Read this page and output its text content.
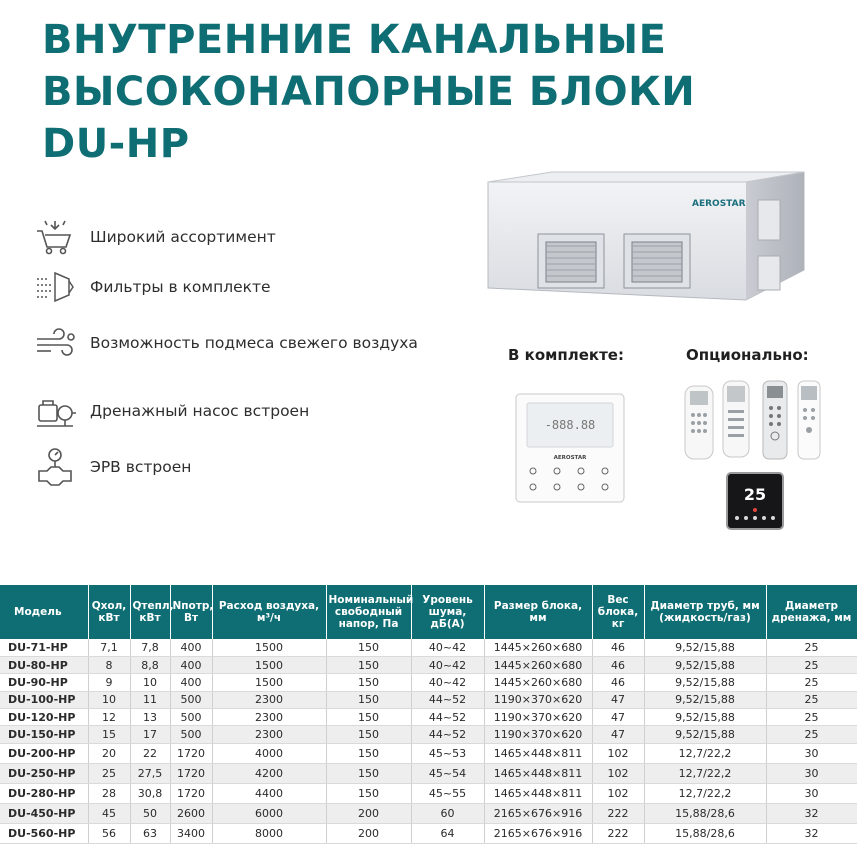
ВНУТРЕННИЕ КАНАЛЬНЫЕ
ВЫСОКОНАПОРНЫЕ БЛОКИ
DU-HP
Широкий ассортимент
Фильтры в комплекте
Возможность подмеса свежего воздуха
Дренажный насос встроен
ЭРВ встроен
AEROSTAR
В комплекте:	Опционально:
-888.88
AEROSTAR
25
Модель	Qхол, кВт	Qтепл, кВт	Nпотр, Вт	Расход воздуха, м³/ч	Номинальный свободный напор, Па	Уровень шума, дБ(А)	Размер блока, мм	Вес блока, кг	Диаметр труб, мм (жидкость/газ)	Диаметр дренажа, мм
DU-71-HP	7,1	7,8	400	1500	150	40~42	1445×260×680	46	9,52/15,88	25
DU-80-HP	8	8,8	400	1500	150	40~42	1445×260×680	46	9,52/15,88	25
DU-90-HP	9	10	400	1500	150	40~42	1445×260×680	46	9,52/15,88	25
DU-100-HP	10	11	500	2300	150	44~52	1190×370×620	47	9,52/15,88	25
DU-120-HP	12	13	500	2300	150	44~52	1190×370×620	47	9,52/15,88	25
DU-150-HP	15	17	500	2300	150	44~52	1190×370×620	47	9,52/15,88	25
DU-200-HP	20	22	1720	4000	150	45~53	1465×448×811	102	12,7/22,2	30
DU-250-HP	25	27,5	1720	4200	150	45~54	1465×448×811	102	12,7/22,2	30
DU-280-HP	28	30,8	1720	4400	150	45~55	1465×448×811	102	12,7/22,2	30
DU-450-HP	45	50	2600	6000	200	60	2165×676×916	222	15,88/28,6	32
DU-560-HP	56	63	3400	8000	200	64	2165×676×916	222	15,88/28,6	32
